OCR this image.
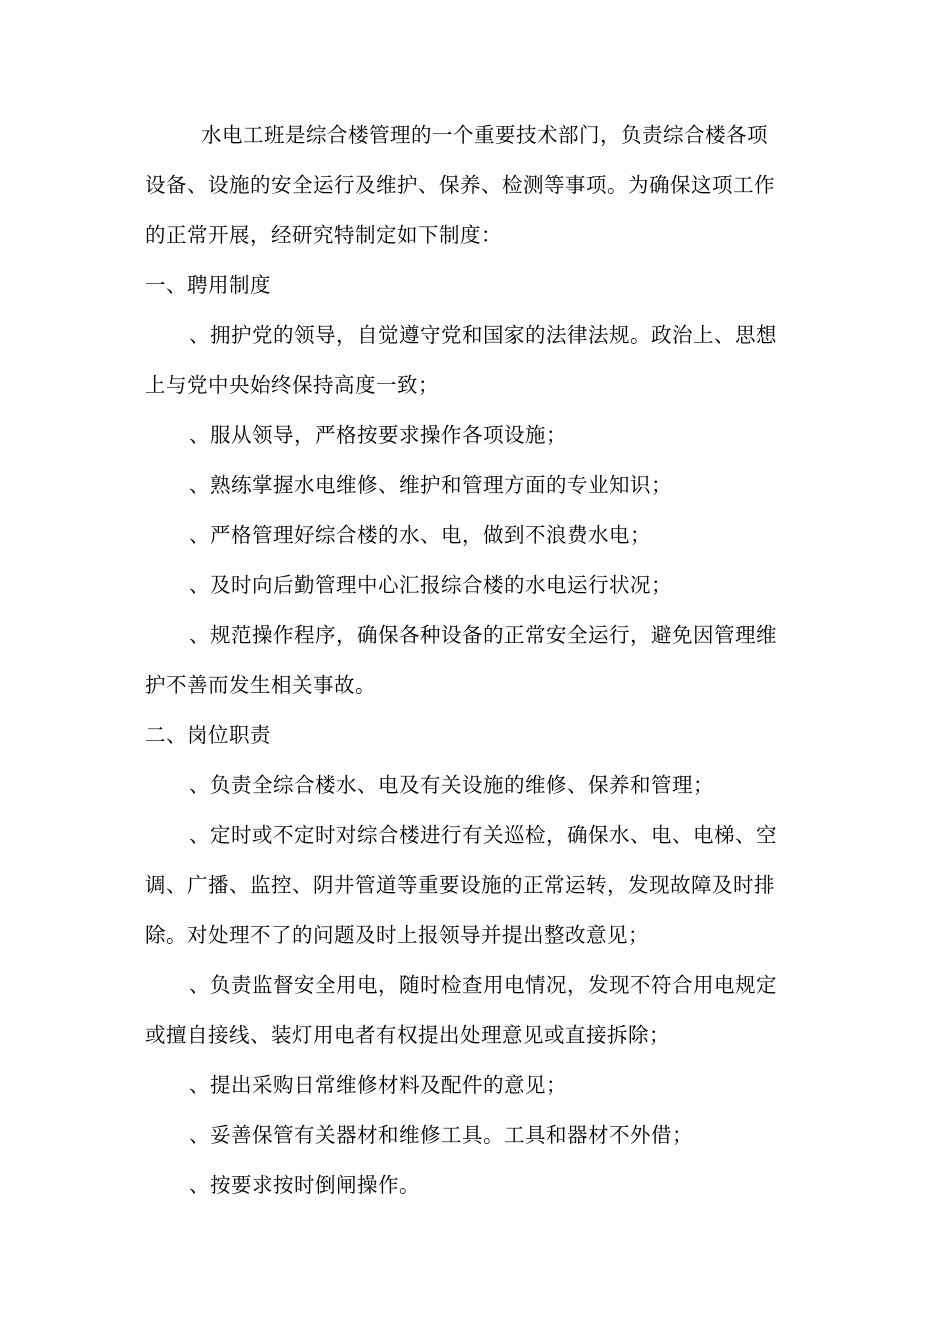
水电工班是综合楼管理的一个重要技术部门，负责综合楼各项
设备、设施的安全运行及维护、保养、检测等事项。为确保这项工作
的正常开展，经研究特制定如下制度：
一、聘用制度
、拥护党的领导，自觉遵守党和国家的法律法规。政治上、思想
上与党中央始终保持高度一致；
、服从领导，严格按要求操作各项设施；
、熟练掌握水电维修、维护和管理方面的专业知识；
、严格管理好综合楼的水、电，做到不浪费水电；
、及时向后勤管理中心汇报综合楼的水电运行状况；
、规范操作程序，确保各种设备的正常安全运行，避免因管理维
护不善而发生相关事故。
二、岗位职责
、负责全综合楼水、电及有关设施的维修、保养和管理；
、定时或不定时对综合楼进行有关巡检，确保水、电、电梯、空
调、广播、监控、阴井管道等重要设施的正常运转，发现故障及时排
除。对处理不了的问题及时上报领导并提出整改意见；
、负责监督安全用电，随时检查用电情况，发现不符合用电规定
或擅自接线、装灯用电者有权提出处理意见或直接拆除；
、提出采购日常维修材料及配件的意见；
、妥善保管有关器材和维修工具。工具和器材不外借；
、按要求按时倒闸操作。
